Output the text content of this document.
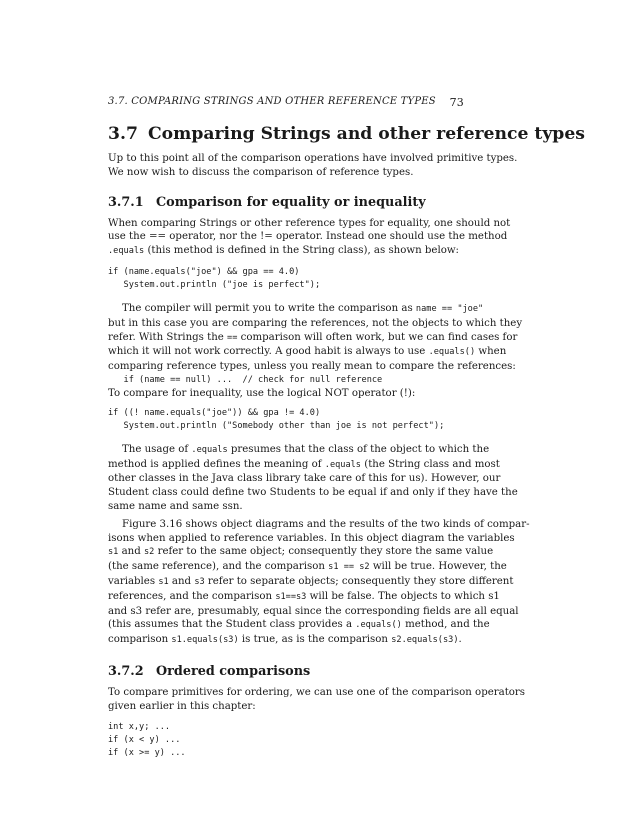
3.7. COMPARING STRINGS AND OTHER REFERENCE TYPES 73
3.7 Comparing Strings and other reference types

Up to this point all of the comparison operations have involved primitive types.
We now wish to discuss the comparison of reference types.

3.7.1 Comparison for equality or inequality

When comparing Strings or other reference types for equality, one should not
use the == operator, nor the != operator. Instead one should use the method
.equals (this method is defined in the String class), as shown below:

if (name.equals("joe") && gpa == 4.0)
System.out.println ("joe is perfect");

The compiler will permit you to write the comparison as name == "joe"
but in this case you are comparing the references, not the objects to which they
refer. With Strings the == comparison will often work, but we can find cases for
which it will not work correctly. A good habit is always to use .equals() when
comparing reference types, unless you really mean to compare the references:

if (name == null) ...  // check for null reference

To compare for inequality, use the logical NOT operator (!):

if ((! name.equals("joe")) && gpa != 4.0)
System.out.println ("Somebody other than joe is not perfect");

The usage of .equals presumes that the class of the object to which the
method is applied defines the meaning of .equals (the String class and most
other classes in the Java class library take care of this for us). However, our
Student class could define two Students to be equal if and only if they have the
same name and same ssn.

Figure 3.16 shows object diagrams and the results of the two kinds of compar-
isons when applied to reference variables. In this object diagram the variables
s1 and s2 refer to the same object; consequently they store the same value
(the same reference), and the comparison s1 == s2 will be true. However, the
variables s1 and s3 refer to separate objects; consequently they store different
references, and the comparison s1==s3 will be false. The objects to which s1
and s3 refer are, presumably, equal since the corresponding fields are all equal
(this assumes that the Student class provides a .equals() method, and the
comparison s1.equals(s3) is true, as is the comparison s2.equals(s3).

3.7.2 Ordered comparisons

To compare primitives for ordering, we can use one of the comparison operators
given earlier in this chapter:

int x,y; ...
if (x < y) ...
if (x >= y) ...
